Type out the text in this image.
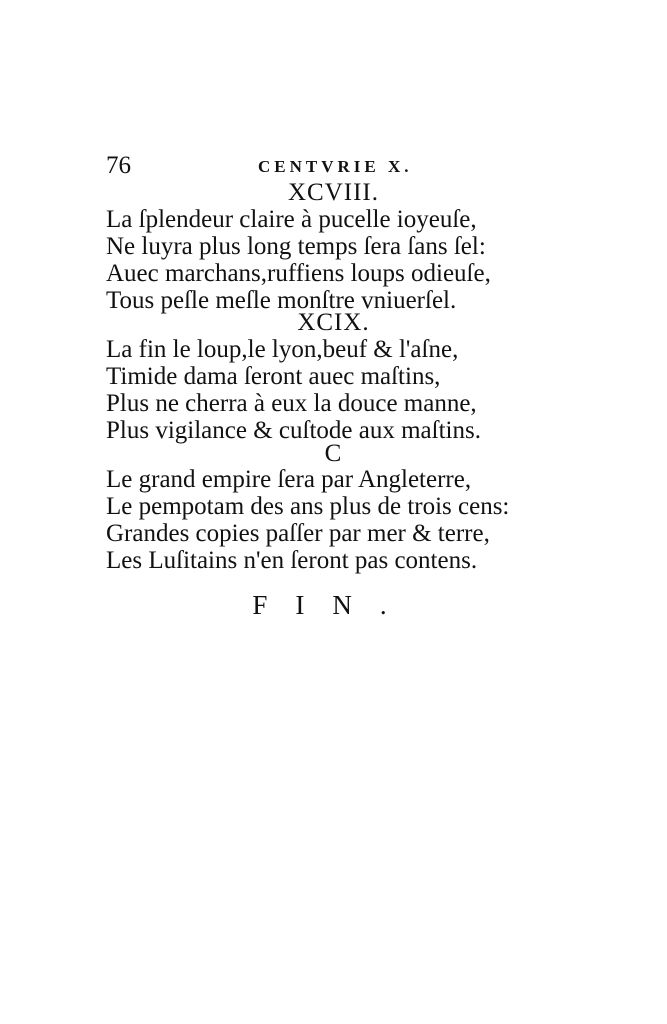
76	CENTVRIE X.
XCVIII.
La ſplendeur claire à pucelle ioyeuſe,
Ne luyra plus long temps ſera ſans ſel:
Auec marchans,ruffiens loups odieuſe,
Tous peſle meſle monſtre vniuerſel.
XCIX.
La fin le loup,le lyon,beuf & l'aſne,
Timide dama ſeront auec maſtins,
Plus ne cherra à eux la douce manne,
Plus vigilance & cuſtode aux maſtins.
C
Le grand empire ſera par Angleterre,
Le pempotam des ans plus de trois cens:
Grandes copies paſſer par mer & terre,
Les Luſitains n'en ſeront pas contens.
FIN.
